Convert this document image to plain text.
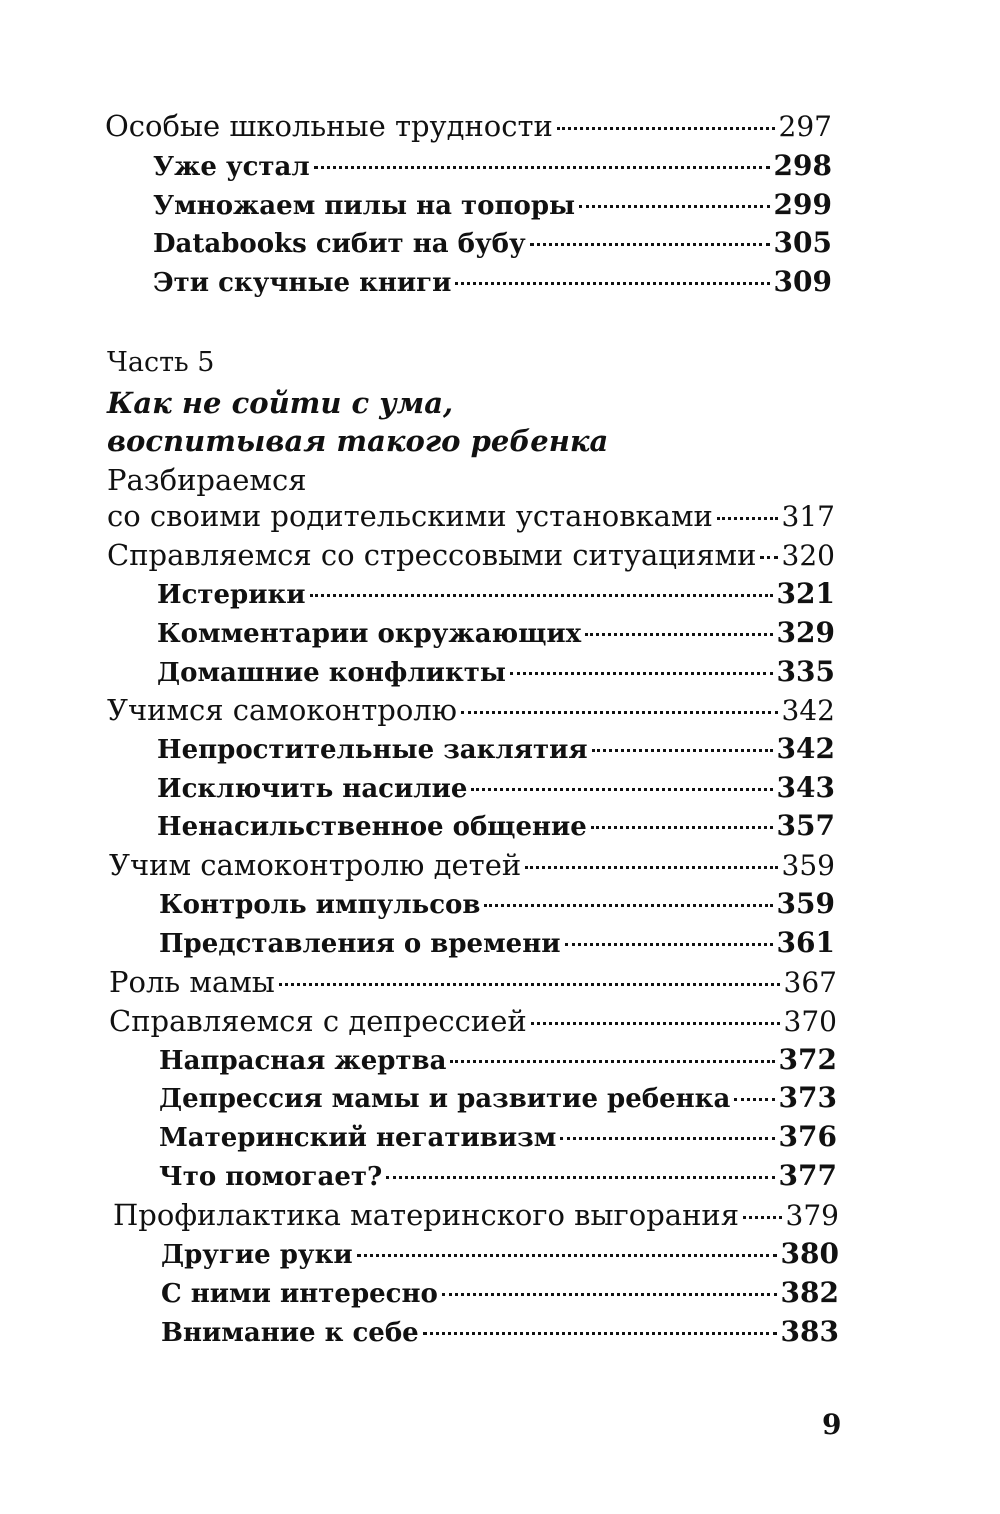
Особые школьные трудности	297
Уже устал	298
Умножаем пилы на топоры	299
Databooks сибит на бубу	305
Эти скучные книги	309
Часть 5
Как не сойти с ума,
воспитывая такого ребенка
Разбираемся
со своими родительскими установками 317
Справляемся со стрессовыми ситуациями 320
Истерики	321
Комментарии окружающих	329
Домашние конфликты	335
Учимся самоконтролю	342
Непростительные заклятия	342
Исключить насилие	343
Ненасильственное общение	357
Учим самоконтролю детей	359
Контроль импульсов	359
Представления о времени	361
Роль мамы	367
Справляемся с депрессией	370
Напрасная жертва	372
Депрессия мамы и развитие ребенка 373
Материнский негативизм	376
Что помогает?	377
Профилактика материнского выгорания 379
Другие руки	380
С ними интересно	382
Внимание к себе	383
9
